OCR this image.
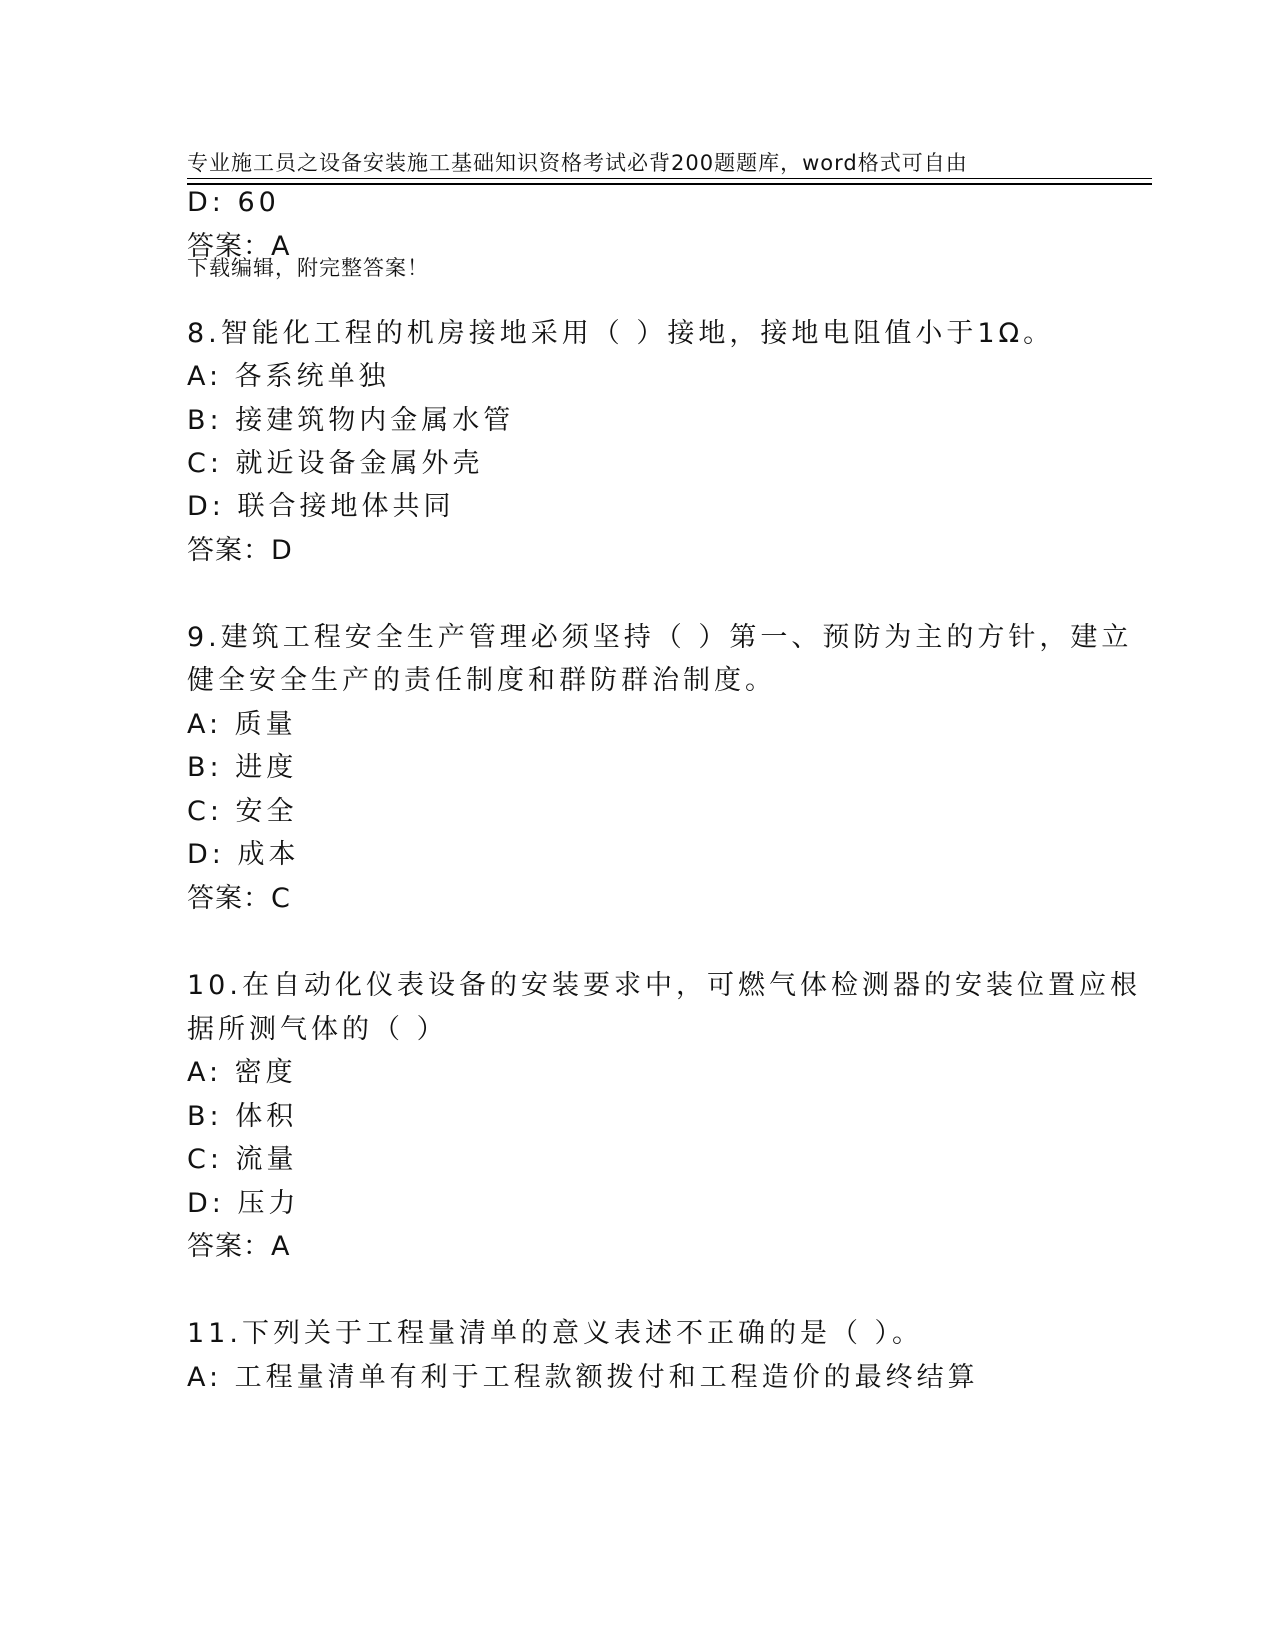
专业施工员之设备安装施工基础知识资格考试必背200题题库，word格式可自由

下载编辑，附完整答案！

D: 60
答案：A
8.智能化工程的机房接地采用（ ）接地，接地电阻值小于1Ω。
A: 各系统单独
B: 接建筑物内金属水管
C: 就近设备金属外壳
D: 联合接地体共同
答案：D
9.建筑工程安全生产管理必须坚持（ ）第一、预防为主的方针，建立
健全安全生产的责任制度和群防群治制度。
A: 质量
B: 进度
C: 安全
D: 成本
答案：C
10.在自动化仪表设备的安装要求中，可燃气体检测器的安装位置应根
据所测气体的（ ）
A: 密度
B: 体积
C: 流量
D: 压力
答案：A
11.下列关于工程量清单的意义表述不正确的是（ ）。
A: 工程量清单有利于工程款额拨付和工程造价的最终结算
